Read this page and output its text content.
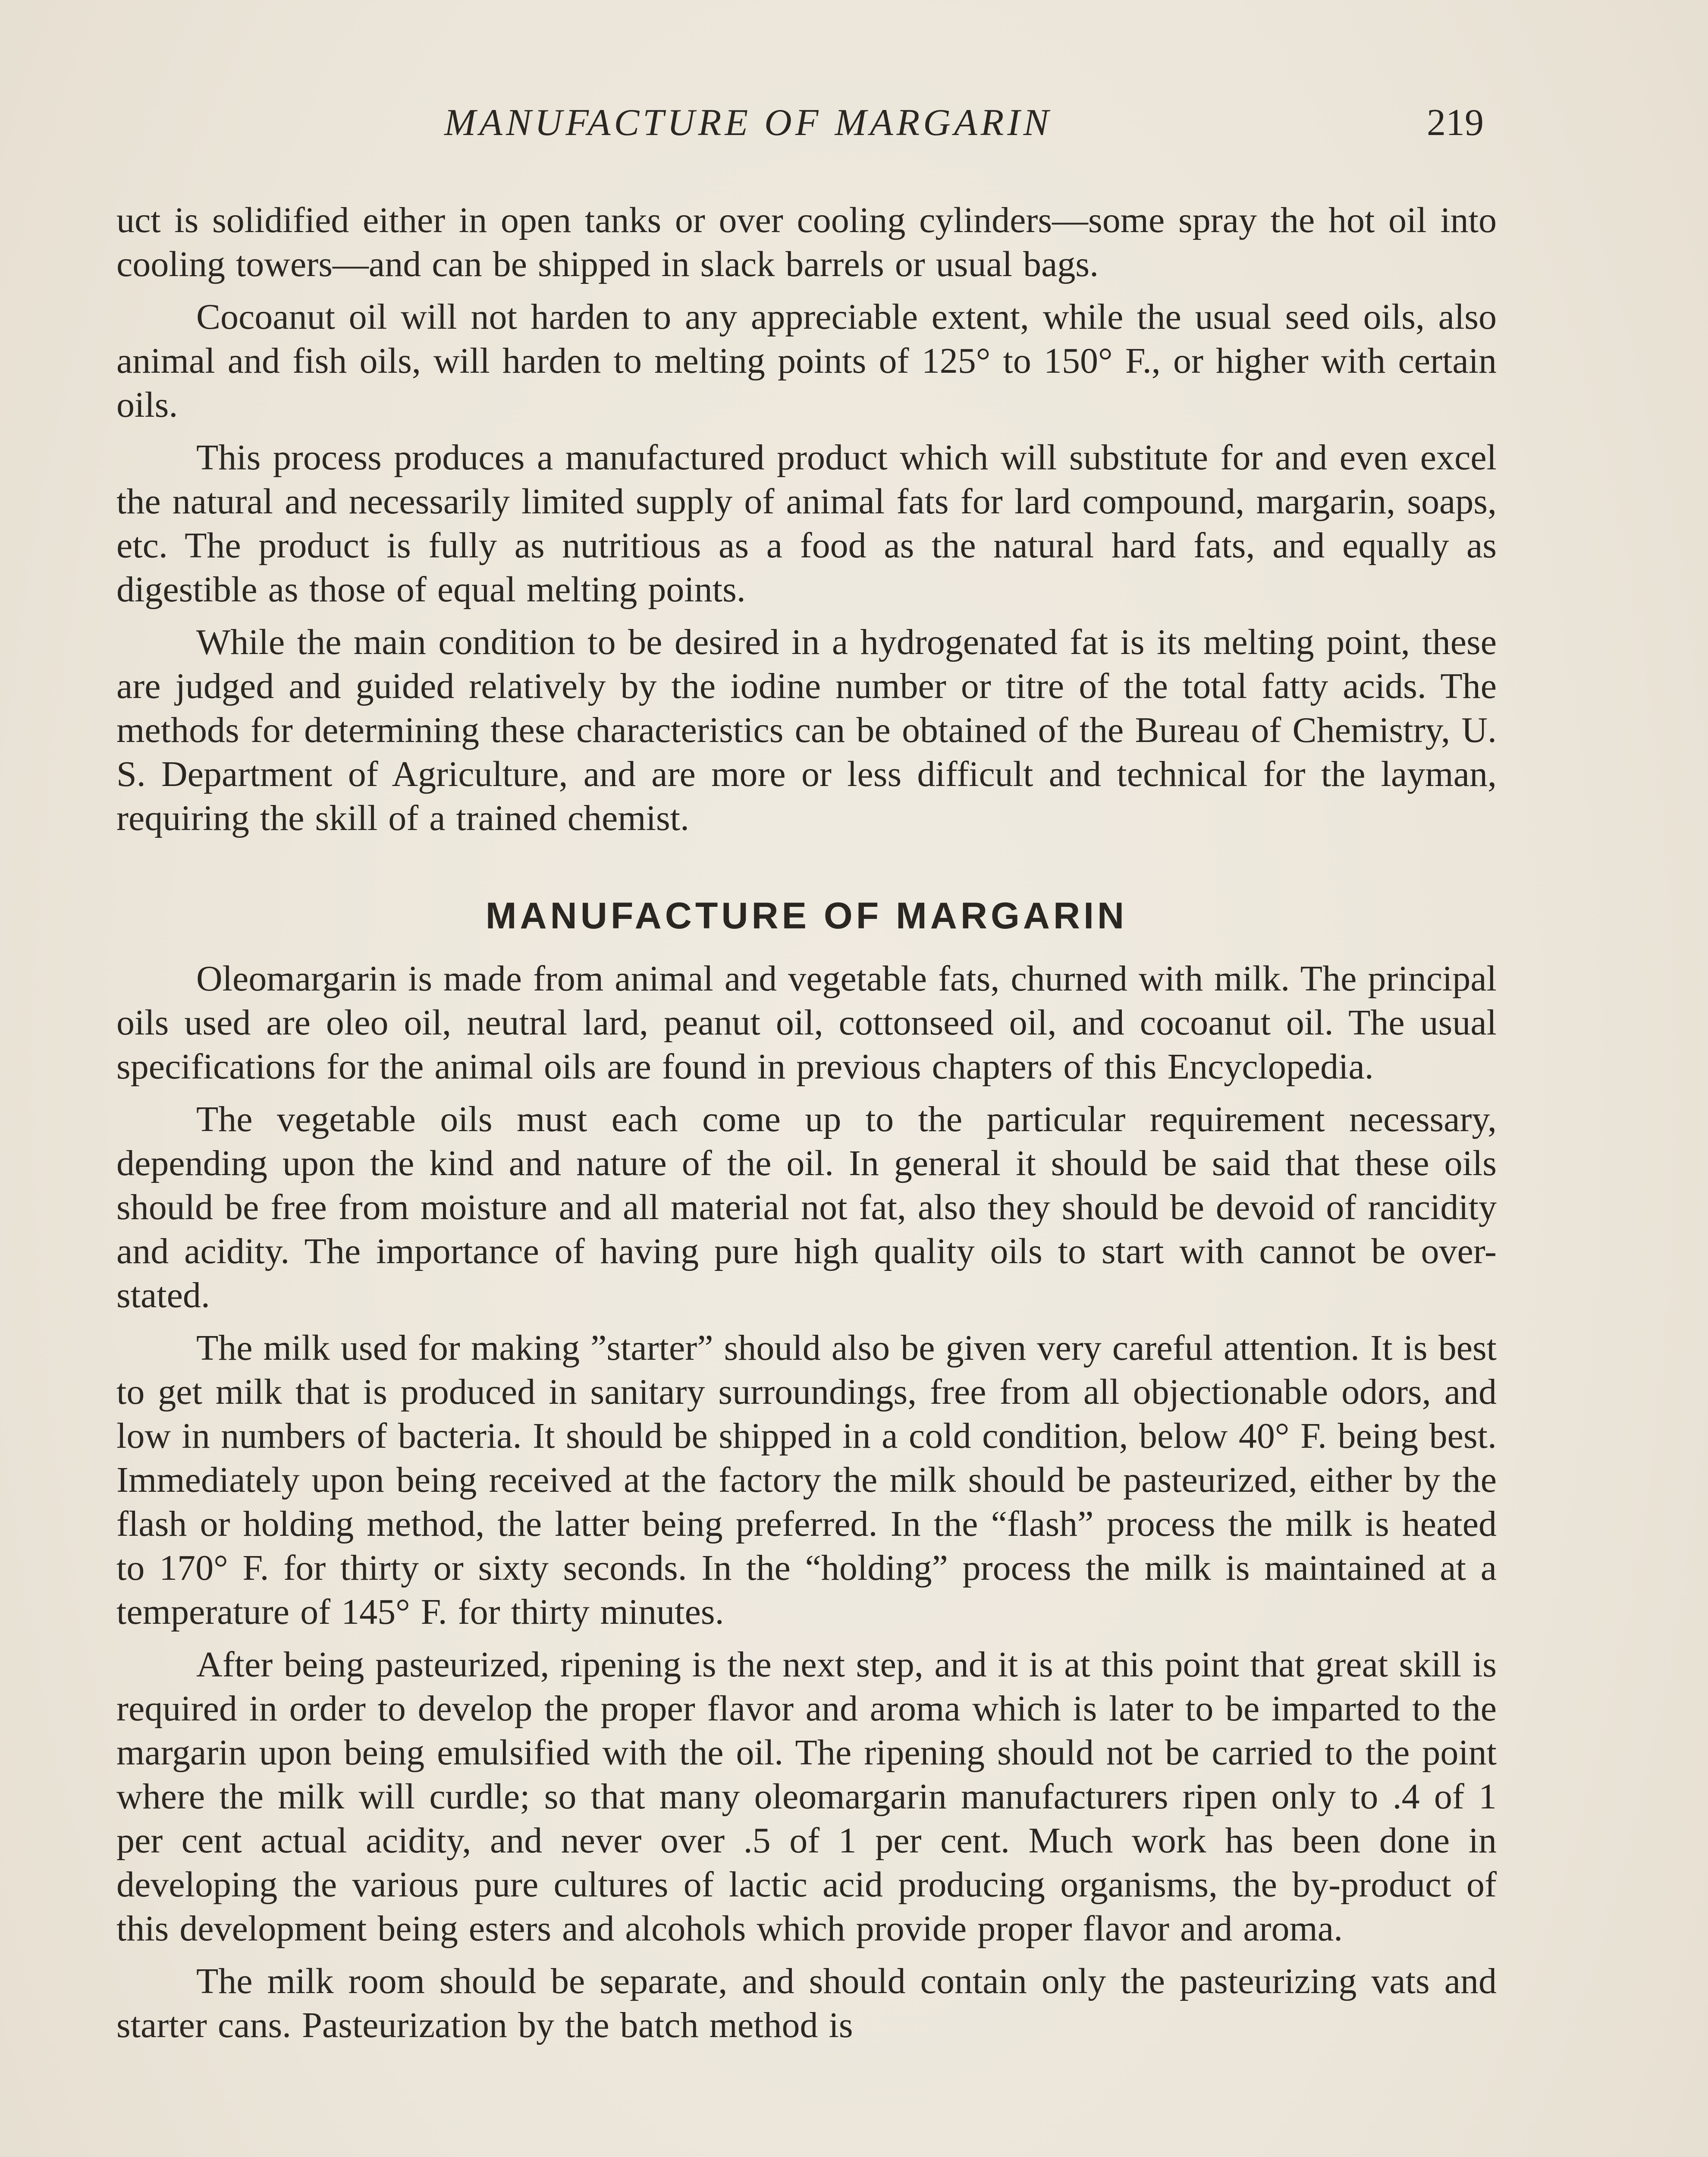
MANUFACTURE OF MARGARIN	219

uct is solidified either in open tanks or over cooling cylinders—some spray the hot oil into cooling towers—and can be shipped in slack barrels or usual bags.

Cocoanut oil will not harden to any appreciable extent, while the usual seed oils, also animal and fish oils, will harden to melting points of 125° to 150° F., or higher with certain oils.

This process produces a manufactured product which will substitute for and even excel the natural and necessarily limited supply of animal fats for lard compound, margarin, soaps, etc. The product is fully as nutritious as a food as the natural hard fats, and equally as digestible as those of equal melting points.

While the main condition to be desired in a hydrogenated fat is its melting point, these are judged and guided relatively by the iodine number or titre of the total fatty acids. The methods for determining these characteristics can be obtained of the Bureau of Chemistry, U. S. Department of Agriculture, and are more or less difficult and technical for the layman, requiring the skill of a trained chemist.

MANUFACTURE OF MARGARIN

Oleomargarin is made from animal and vegetable fats, churned with milk. The principal oils used are oleo oil, neutral lard, peanut oil, cottonseed oil, and cocoanut oil. The usual specifications for the animal oils are found in previous chapters of this Encyclopedia.

The vegetable oils must each come up to the particular requirement necessary, depending upon the kind and nature of the oil. In general it should be said that these oils should be free from moisture and all material not fat, also they should be devoid of rancidity and acidity. The importance of having pure high quality oils to start with cannot be over-stated.

The milk used for making ”starter” should also be given very careful attention. It is best to get milk that is produced in sanitary surroundings, free from all objectionable odors, and low in numbers of bacteria. It should be shipped in a cold condition, below 40° F. being best. Immediately upon being received at the factory the milk should be pasteurized, either by the flash or holding method, the latter being preferred. In the “flash” process the milk is heated to 170° F. for thirty or sixty seconds. In the “holding” process the milk is maintained at a temperature of 145° F. for thirty minutes.

After being pasteurized, ripening is the next step, and it is at this point that great skill is required in order to develop the proper flavor and aroma which is later to be imparted to the margarin upon being emulsified with the oil. The ripening should not be carried to the point where the milk will curdle; so that many oleomargarin manufacturers ripen only to .4 of 1 per cent actual acidity, and never over .5 of 1 per cent. Much work has been done in developing the various pure cultures of lactic acid producing organisms, the by-product of this development being esters and alcohols which provide proper flavor and aroma.

The milk room should be separate, and should contain only the pasteurizing vats and starter cans. Pasteurization by the batch method is
